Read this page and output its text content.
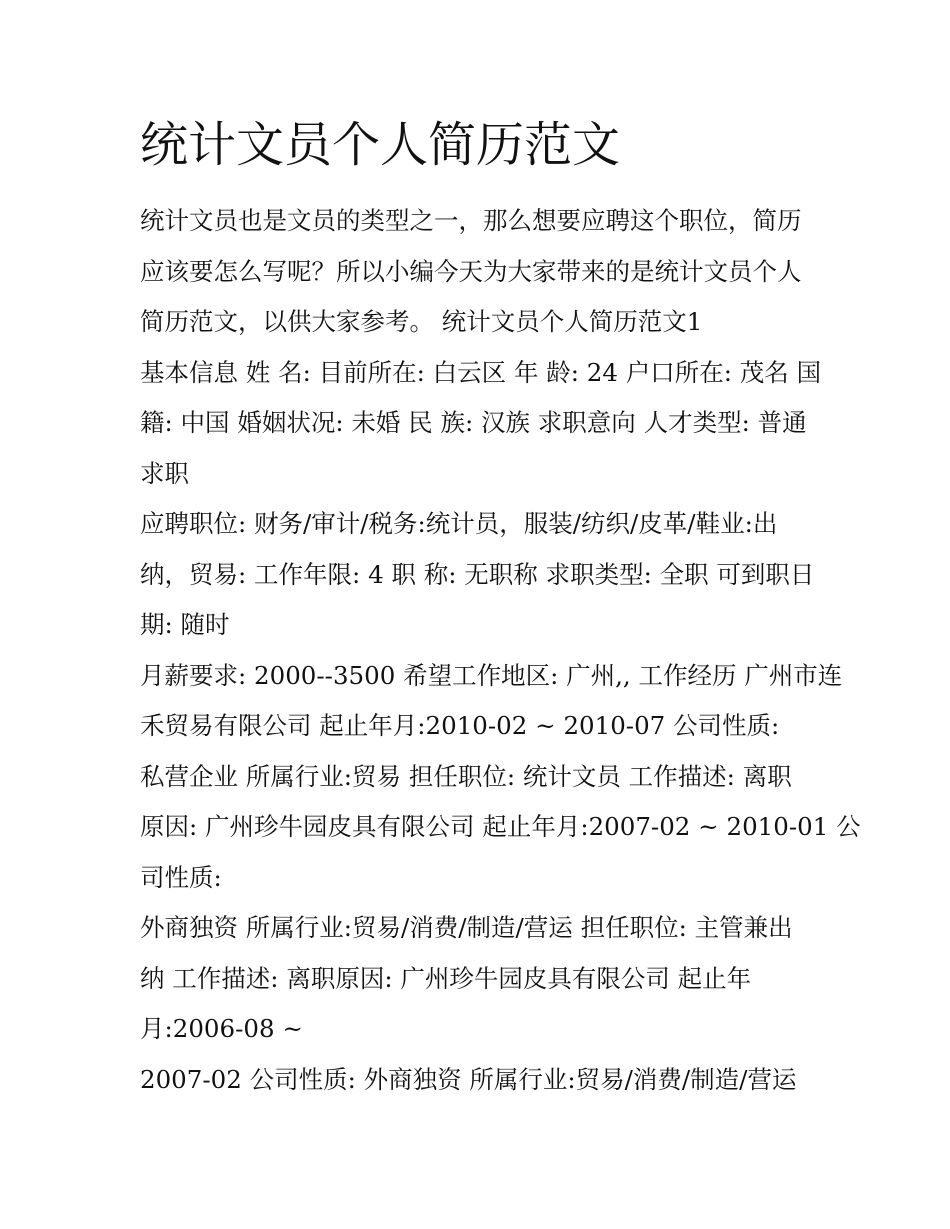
统计文员个人简历范文
统计文员也是文员的类型之一，那么想要应聘这个职位，简历
应该要怎么写呢？所以小编今天为大家带来的是统计文员个人
简历范文，以供大家参考。 统计文员个人简历范文1
基本信息 姓 名: 目前所在: 白云区 年 龄: 24 户口所在: 茂名 国
籍: 中国 婚姻状况: 未婚 民 族: 汉族 求职意向 人才类型: 普通
求职
应聘职位: 财务/审计/税务:统计员，服装/纺织/皮革/鞋业:出
纳，贸易: 工作年限: 4 职 称: 无职称 求职类型: 全职 可到职日
期: 随时
月薪要求: 2000--3500 希望工作地区: 广州,, 工作经历 广州市连
禾贸易有限公司 起止年月:2010-02 ~ 2010-07 公司性质:
私营企业 所属行业:贸易 担任职位: 统计文员 工作描述: 离职
原因: 广州珍牛园皮具有限公司 起止年月:2007-02 ~ 2010-01 公
司性质:
外商独资 所属行业:贸易/消费/制造/营运 担任职位: 主管兼出
纳 工作描述: 离职原因: 广州珍牛园皮具有限公司 起止年
月:2006-08 ~
2007-02 公司性质: 外商独资 所属行业:贸易/消费/制造/营运
